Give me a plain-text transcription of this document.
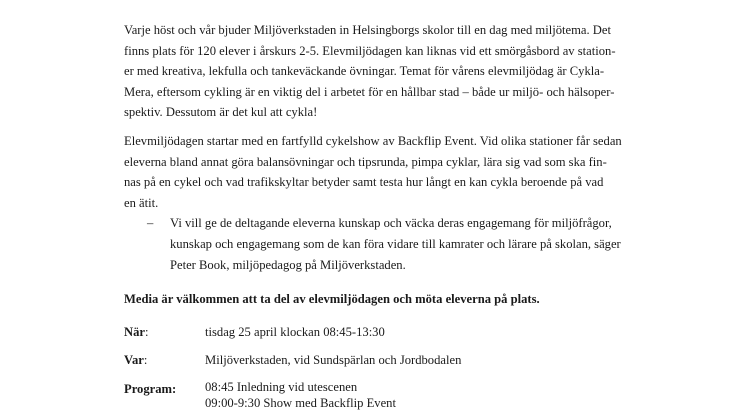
Varje höst och vår bjuder Miljöverkstaden in Helsingborgs skolor till en dag med miljötema. Det
finns plats för 120 elever i årskurs 2-5. Elevmiljödagen kan liknas vid ett smörgåsbord av station-
er med kreativa, lekfulla och tankeväckande övningar. Temat för vårens elevmiljödag är Cykla-
Mera, eftersom cykling är en viktig del i arbetet för en hållbar stad – både ur miljö- och hälsoper-
spektiv. Dessutom är det kul att cykla!
Elevmiljödagen startar med en fartfylld cykelshow av Backflip Event. Vid olika stationer får sedan
eleverna bland annat göra balansövningar och tipsrunda, pimpa cyklar, lära sig vad som ska fin-
nas på en cykel och vad trafikskyltar betyder samt testa hur långt en kan cykla beroende på vad
en ätit.
– Vi vill ge de deltagande eleverna kunskap och väcka deras engagemang för miljöfrågor,
kunskap och engagemang som de kan föra vidare till kamrater och lärare på skolan, säger
Peter Book, miljöpedagog på Miljöverkstaden.
Media är välkommen att ta del av elevmiljödagen och möta eleverna på plats.
När:	tisdag 25 april klockan 08:45-13:30
Var:	Miljöverkstaden, vid Sundspärlan och Jordbodalen
Program: 08:45 Inledning vid utescenen
09:00-9:30 Show med Backflip Event
